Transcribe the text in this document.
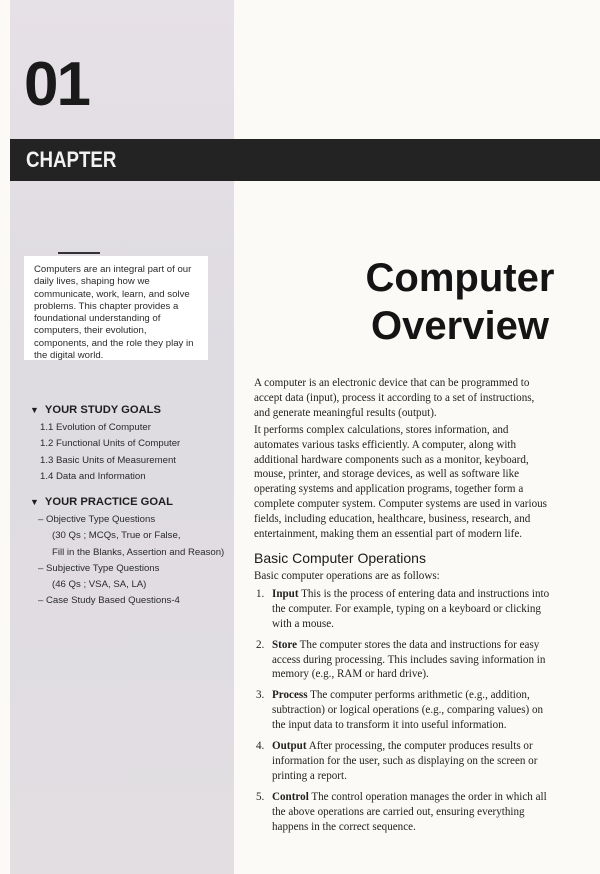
01
CHAPTER

Computers are an integral part of our daily lives, shaping how we communicate, work, learn, and solve problems. This chapter provides a foundational understanding of computers, their evolution, components, and the role they play in the digital world.

▼ YOUR STUDY GOALS

1.1 Evolution of Computer
1.2 Functional Units of Computer
1.3 Basic Units of Measurement
1.4 Data and Information

▼ YOUR PRACTICE GOAL

– Objective Type Questions
(30 Qs ; MCQs, True or False,
Fill in the Blanks, Assertion and Reason)
– Subjective Type Questions
(46 Qs ; VSA, SA, LA)
– Case Study Based Questions-4
Computer
Overview

A computer is an electronic device that can be programmed to accept data (input), process it according to a set of instructions, and generate meaningful results (output).

It performs complex calculations, stores information, and automates various tasks efficiently. A computer, along with additional hardware components such as a monitor, keyboard, mouse, printer, and storage devices, as well as software like operating systems and application programs, together form a complete computer system. Computer systems are used in various fields, including education, healthcare, business, research, and entertainment, making them an essential part of modern life.

Basic Computer Operations

Basic computer operations are as follows:

1. Input This is the process of entering data and instructions into the computer. For example, typing on a keyboard or clicking with a mouse.
2. Store The computer stores the data and instructions for easy access during processing. This includes saving information in memory (e.g., RAM or hard drive).
3. Process The computer performs arithmetic (e.g., addition, subtraction) or logical operations (e.g., comparing values) on the input data to transform it into useful information.
4. Output After processing, the computer produces results or information for the user, such as displaying on the screen or printing a report.
5. Control The control operation manages the order in which all the above operations are carried out, ensuring everything happens in the correct sequence.
